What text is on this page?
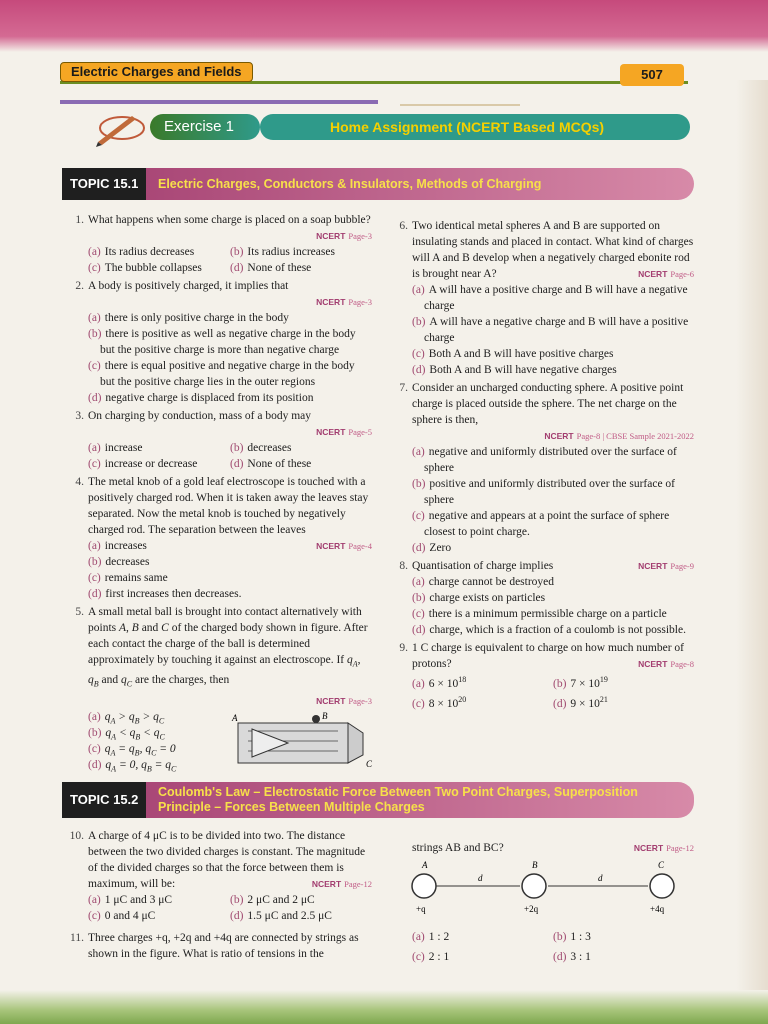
Electric Charges and Fields	507
Home Assignment (NCERT Based MCQs)
Exercise 1
TOPIC 15.1	Electric Charges, Conductors & Insulators, Methods of Charging
1. What happens when some charge is placed on a soap bubble?
NCERT Page-3
(a) Its radius decreases	(b) Its radius increases
(c) The bubble collapses	(d) None of these
2. A body is positively charged, it implies that
NCERT Page-3
(a) there is only positive charge in the body
(b) there is positive as well as negative charge in the body but the positive charge is more than negative charge
(c) there is equal positive and negative charge in the body but the positive charge lies in the outer regions
(d) negative charge is displaced from its position
3. On charging by conduction, mass of a body may
NCERT Page-5
(a) increase	(b) decreases
(c) increase or decrease	(d) None of these
4. The metal knob of a gold leaf electroscope is touched with a positively charged rod. When it is taken away the leaves stay separated. Now the metal knob is touched by negatively charged rod. The separation between the leaves
(a) increases	NCERT Page-4
(b) decreases
(c) remains same
(d) first increases then decreases.
5. A small metal ball is brought into contact alternatively with points A, B and C of the charged body shown in figure. After each contact the charge of the ball is determined approximately by touching it against an electroscope. If $q_A$, $q_B$ and $q_C$ are the charges, then
NCERT Page-3
(a) $q_A > q_B > q_C$
(b) $q_A < q_B < q_C$
(c) $q_A = q_B$, $q_C = 0$
(d) $q_A = 0$, $q_B = q_C$
A	B
C
6. Two identical metal spheres A and B are supported on insulating stands and placed in contact. What kind of charges will A and B develop when a negatively charged ebonite rod is brought near A?	NCERT Page-6
(a) A will have a positive charge and B will have a negative charge
(b) A will have a negative charge and B will have a positive charge
(c) Both A and B will have positive charges
(d) Both A and B will have negative charges
7. Consider an uncharged conducting sphere. A positive point charge is placed outside the sphere. The net charge on the sphere is then,
NCERT Page-8 | CBSE Sample 2021-2022
(a) negative and uniformly distributed over the surface of sphere
(b) positive and uniformly distributed over the surface of sphere
(c) negative and appears at a point the surface of sphere closest to point charge.
(d) Zero
8. Quantisation of charge implies	NCERT Page-9
(a) charge cannot be destroyed
(b) charge exists on particles
(c) there is a minimum permissible charge on a particle
(d) charge, which is a fraction of a coulomb is not possible.
9. 1 C charge is equivalent to charge on how much number of protons?	NCERT Page-8
(a) $6 \times 10^{18}$	(b) $7 \times 10^{19}$
(c) $8 \times 10^{20}$	(d) $9 \times 10^{21}$
TOPIC 15.2	Coulomb's Law – Electrostatic Force Between Two Point Charges, Superposition
Principle – Forces Between Multiple Charges
10. A charge of 4 μC is to be divided into two. The distance between the two divided charges is constant. The magnitude of the divided charges so that the force between them is maximum, will be:	NCERT Page-12
(a) 1 μC and 3 μC	(b) 2 μC and 2 μC
(c) 0 and 4 μC	(d) 1.5 μC and 2.5 μC
11. Three charges +q, +2q and +4q are connected by strings as shown in the figure. What is ratio of tensions in the
strings AB and BC?	NCERT Page-12
A	B	C
d	d
+q	+2q	+4q
(a) 1 : 2	(b) 1 : 3
(c) 2 : 1	(d) 3 : 1
